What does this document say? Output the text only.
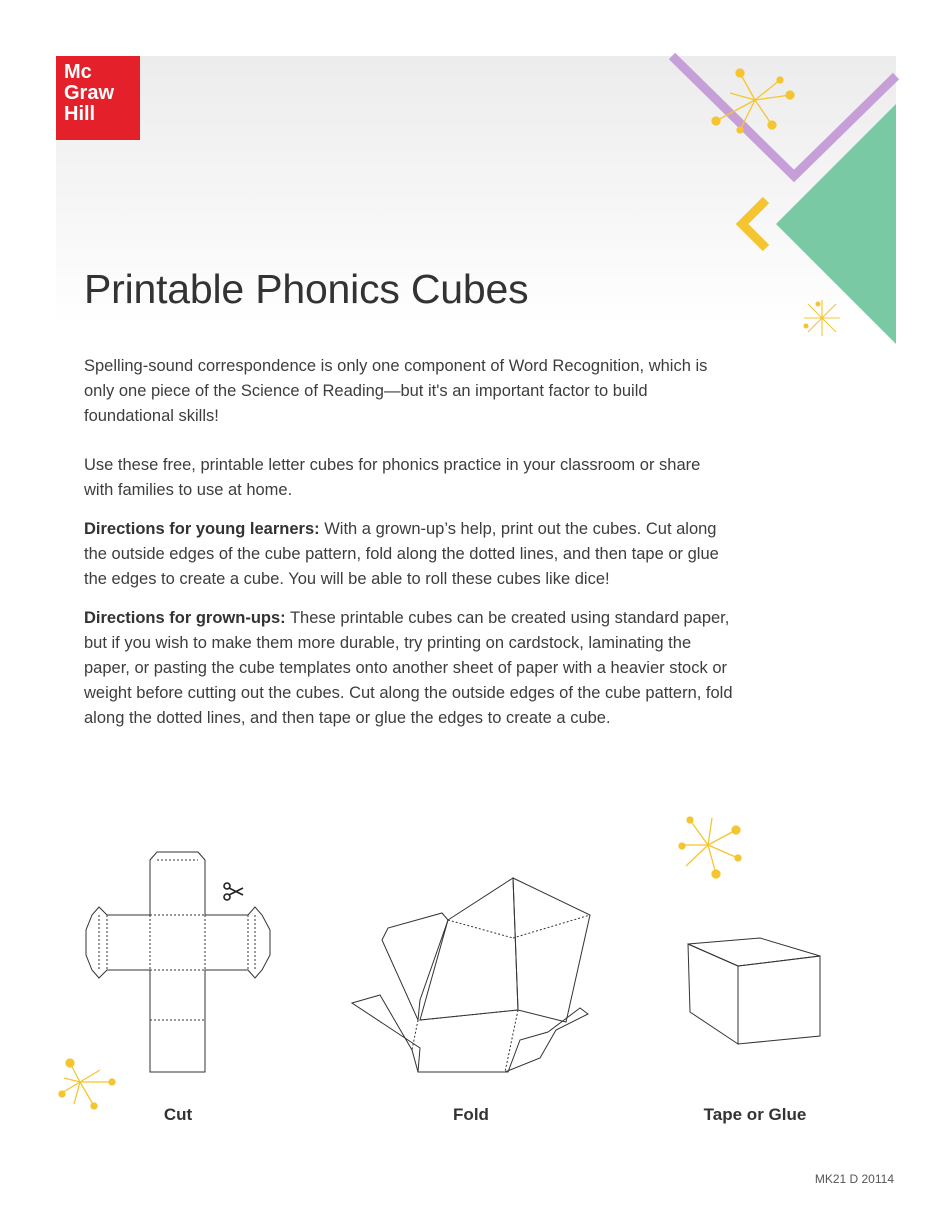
Mc
Graw
Hill
Printable Phonics Cubes

Spelling-sound correspondence is only one component of Word Recognition, which is only one piece of the Science of Reading—but it's an important factor to build foundational skills!

Use these free, printable letter cubes for phonics practice in your classroom or share with families to use at home.

Directions for young learners: With a grown-up’s help, print out the cubes. Cut along the outside edges of the cube pattern, fold along the dotted lines, and then tape or glue the edges to create a cube. You will be able to roll these cubes like dice!

Directions for grown-ups: These printable cubes can be created using standard paper, but if you wish to make them more durable, try printing on cardstock, laminating the paper, or pasting the cube templates onto another sheet of paper with a heavier stock or weight before cutting out the cubes. Cut along the outside edges of the cube pattern, fold along the dotted lines, and then tape or glue the edges to create a cube.

Cut	Fold	Tape or Glue
MK21 D 20114
